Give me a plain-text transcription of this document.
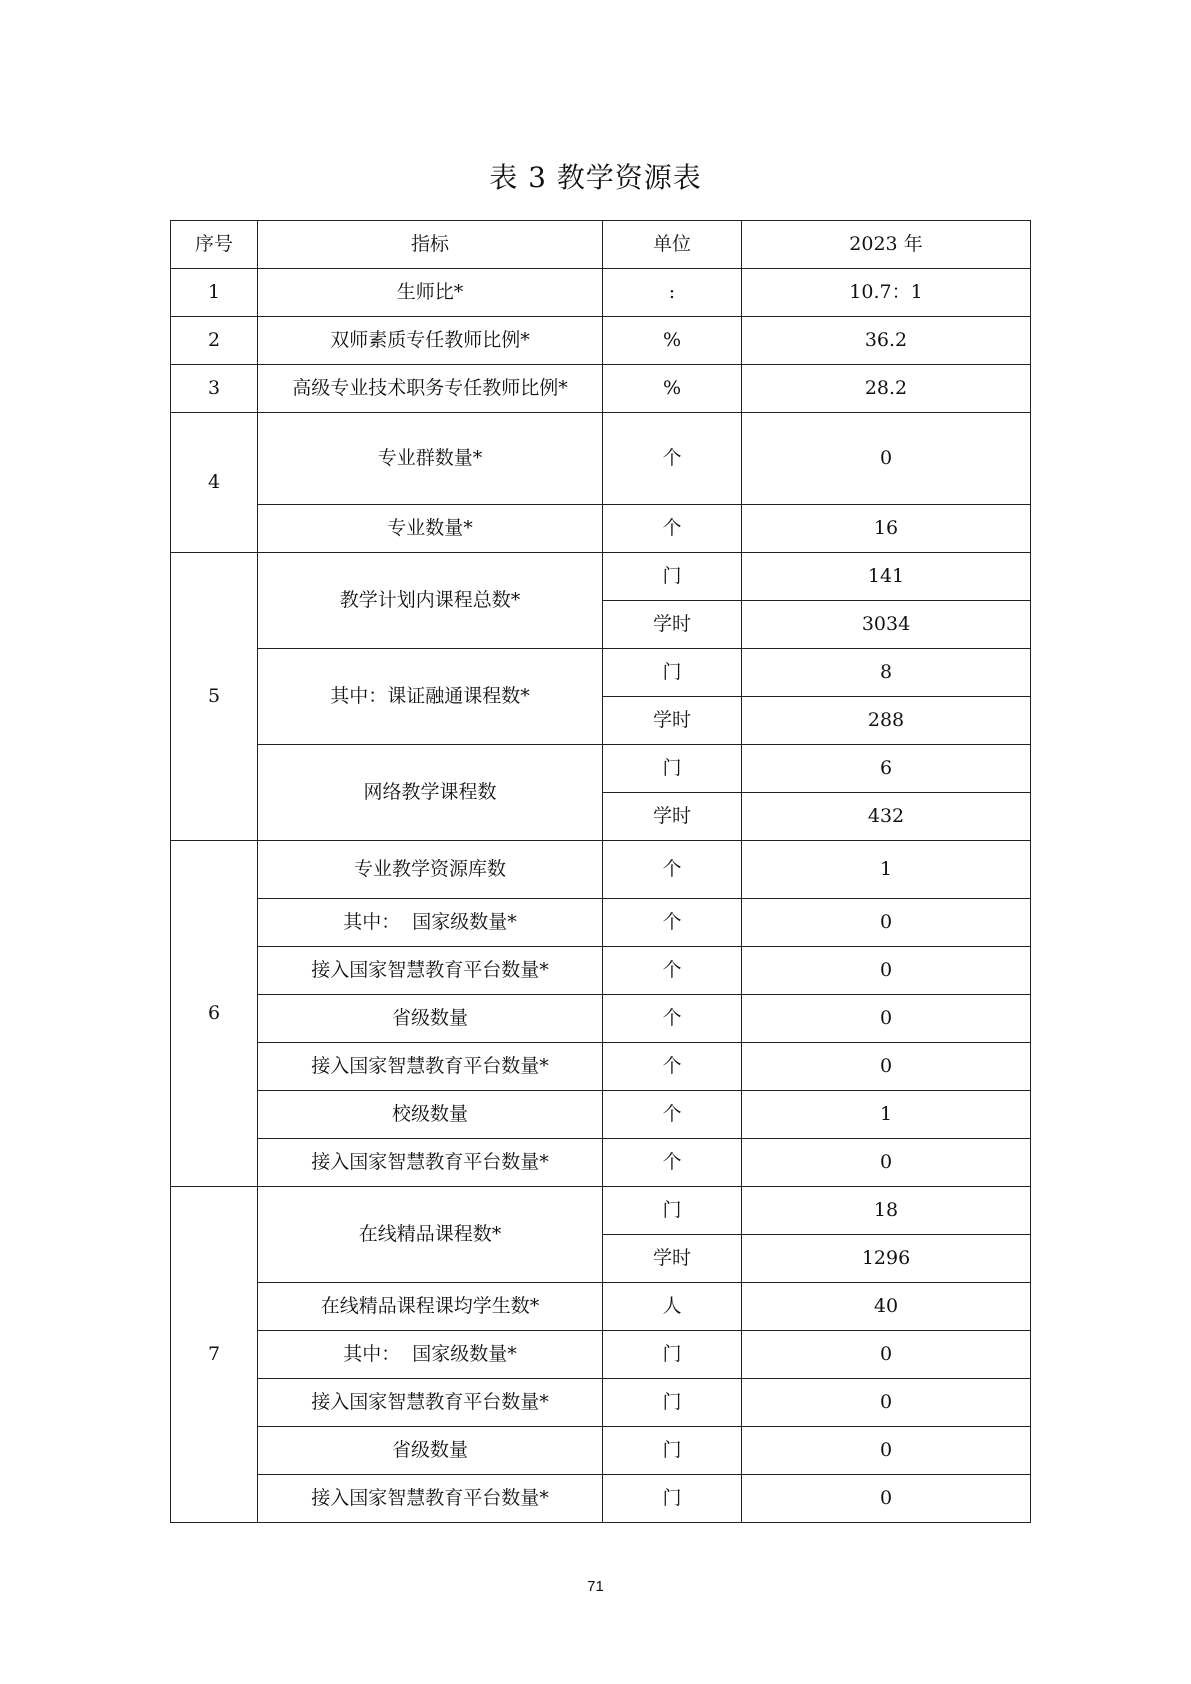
表 3 教学资源表
序号	指标	单位	2023 年
1	生师比*	:	10.7：1
2	双师素质专任教师比例*	%	36.2
3	高级专业技术职务专任教师比例*	%	28.2
4	专业群数量*	个	0
	专业数量*	个	16
5	教学计划内课程总数*	门	141
		学时	3034
	其中：课证融通课程数*	门	8
		学时	288
	网络教学课程数	门	6
		学时	432
6	专业教学资源库数	个	1
	其中：  国家级数量*	个	0
	接入国家智慧教育平台数量*	个	0
	省级数量	个	0
	接入国家智慧教育平台数量*	个	0
	校级数量	个	1
	接入国家智慧教育平台数量*	个	0
7	在线精品课程数*	门	18
		学时	1296
	在线精品课程课均学生数*	人	40
	其中：  国家级数量*	门	0
	接入国家智慧教育平台数量*	门	0
	省级数量	门	0
	接入国家智慧教育平台数量*	门	0
71
